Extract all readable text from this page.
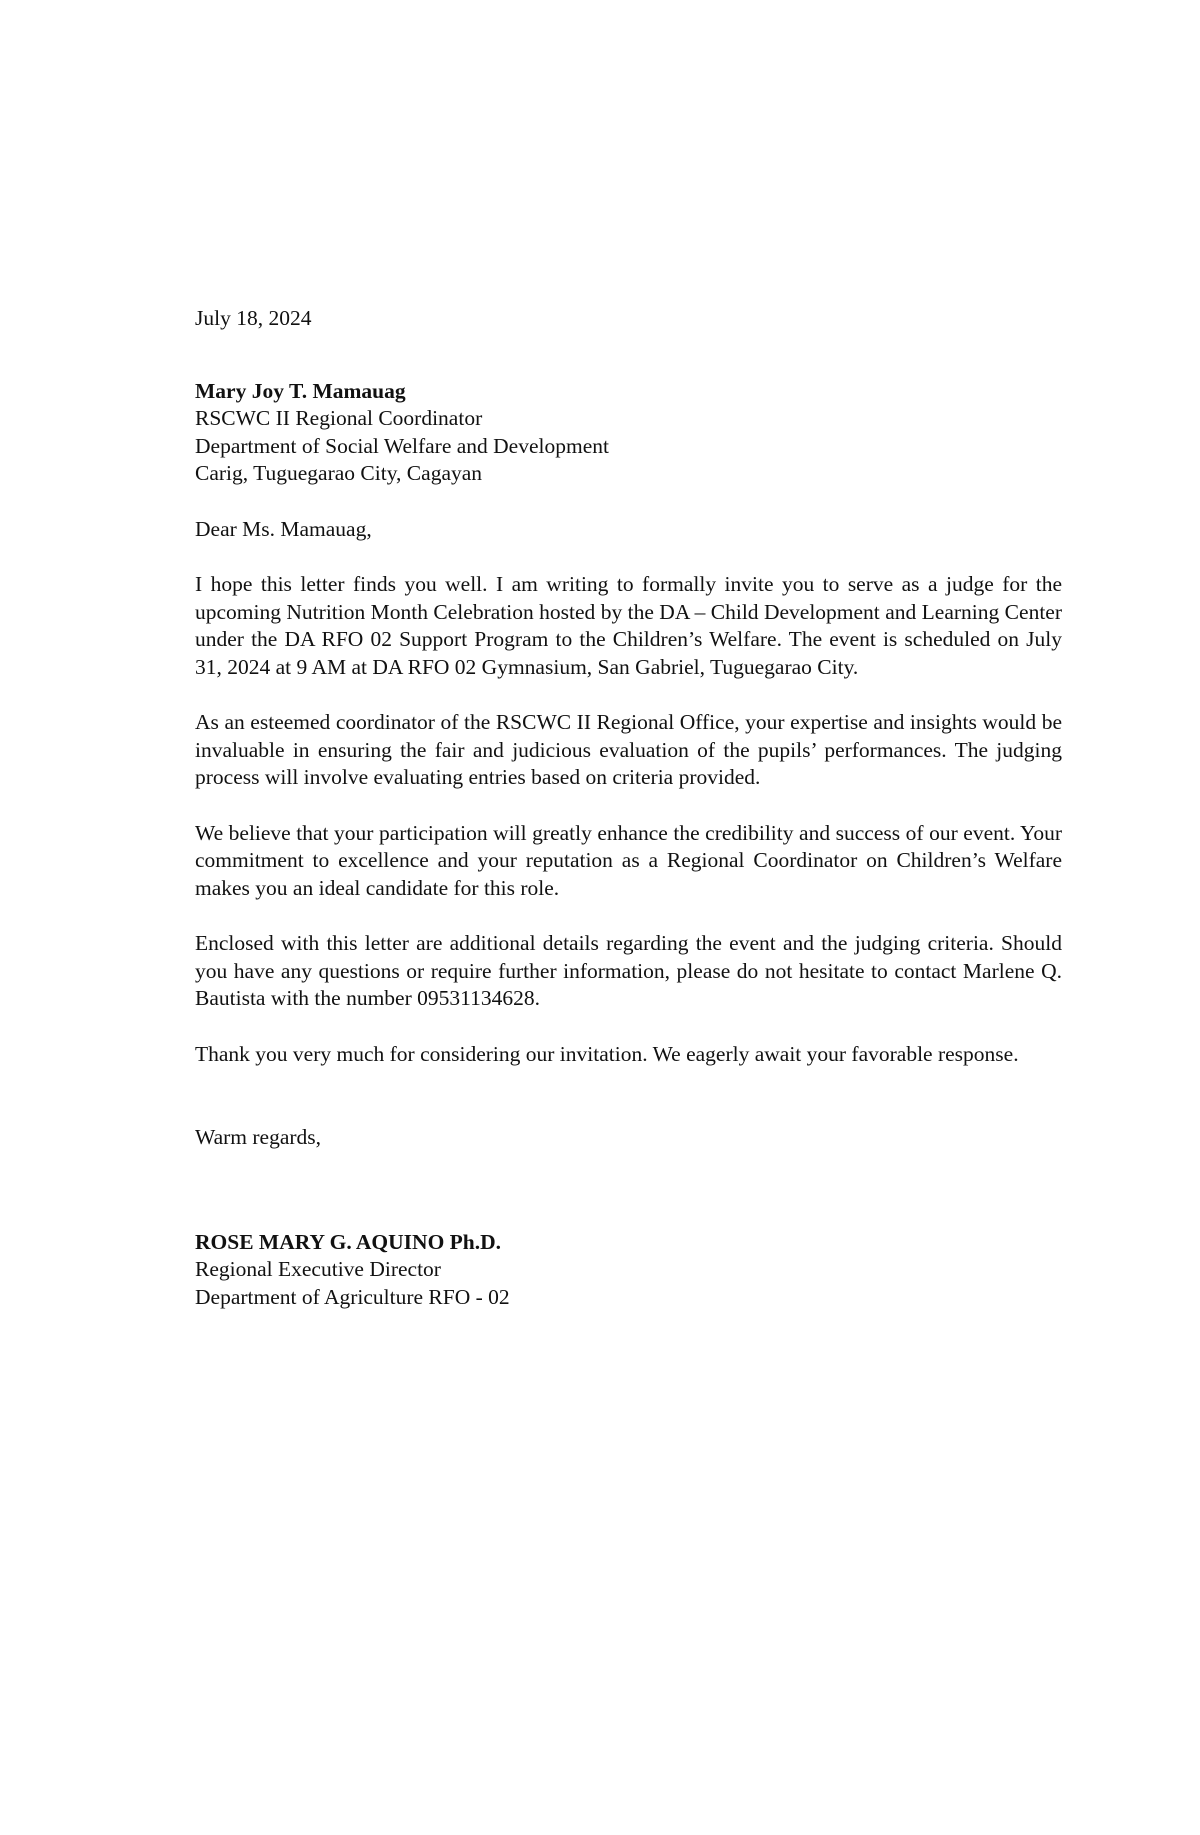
July 18, 2024

Mary Joy T. Mamauag
RSCWC II Regional Coordinator
Department of Social Welfare and Development
Carig, Tuguegarao City, Cagayan

Dear Ms. Mamauag,

I hope this letter finds you well. I am writing to formally invite you to serve as a judge for the upcoming Nutrition Month Celebration hosted by the DA – Child Development and Learning Center under the DA RFO 02 Support Program to the Children’s Welfare. The event is scheduled on July 31, 2024 at 9 AM at DA RFO 02 Gymnasium, San Gabriel, Tuguegarao City.

As an esteemed coordinator of the RSCWC II Regional Office, your expertise and insights would be invaluable in ensuring the fair and judicious evaluation of the pupils’ performances. The judging process will involve evaluating entries based on criteria provided.

We believe that your participation will greatly enhance the credibility and success of our event. Your commitment to excellence and your reputation as a Regional Coordinator on Children’s Welfare makes you an ideal candidate for this role.

Enclosed with this letter are additional details regarding the event and the judging criteria. Should you have any questions or require further information, please do not hesitate to contact Marlene Q. Bautista with the number 09531134628.

Thank you very much for considering our invitation. We eagerly await your favorable response.

Warm regards,

ROSE MARY G. AQUINO Ph.D.
Regional Executive Director
Department of Agriculture RFO - 02
